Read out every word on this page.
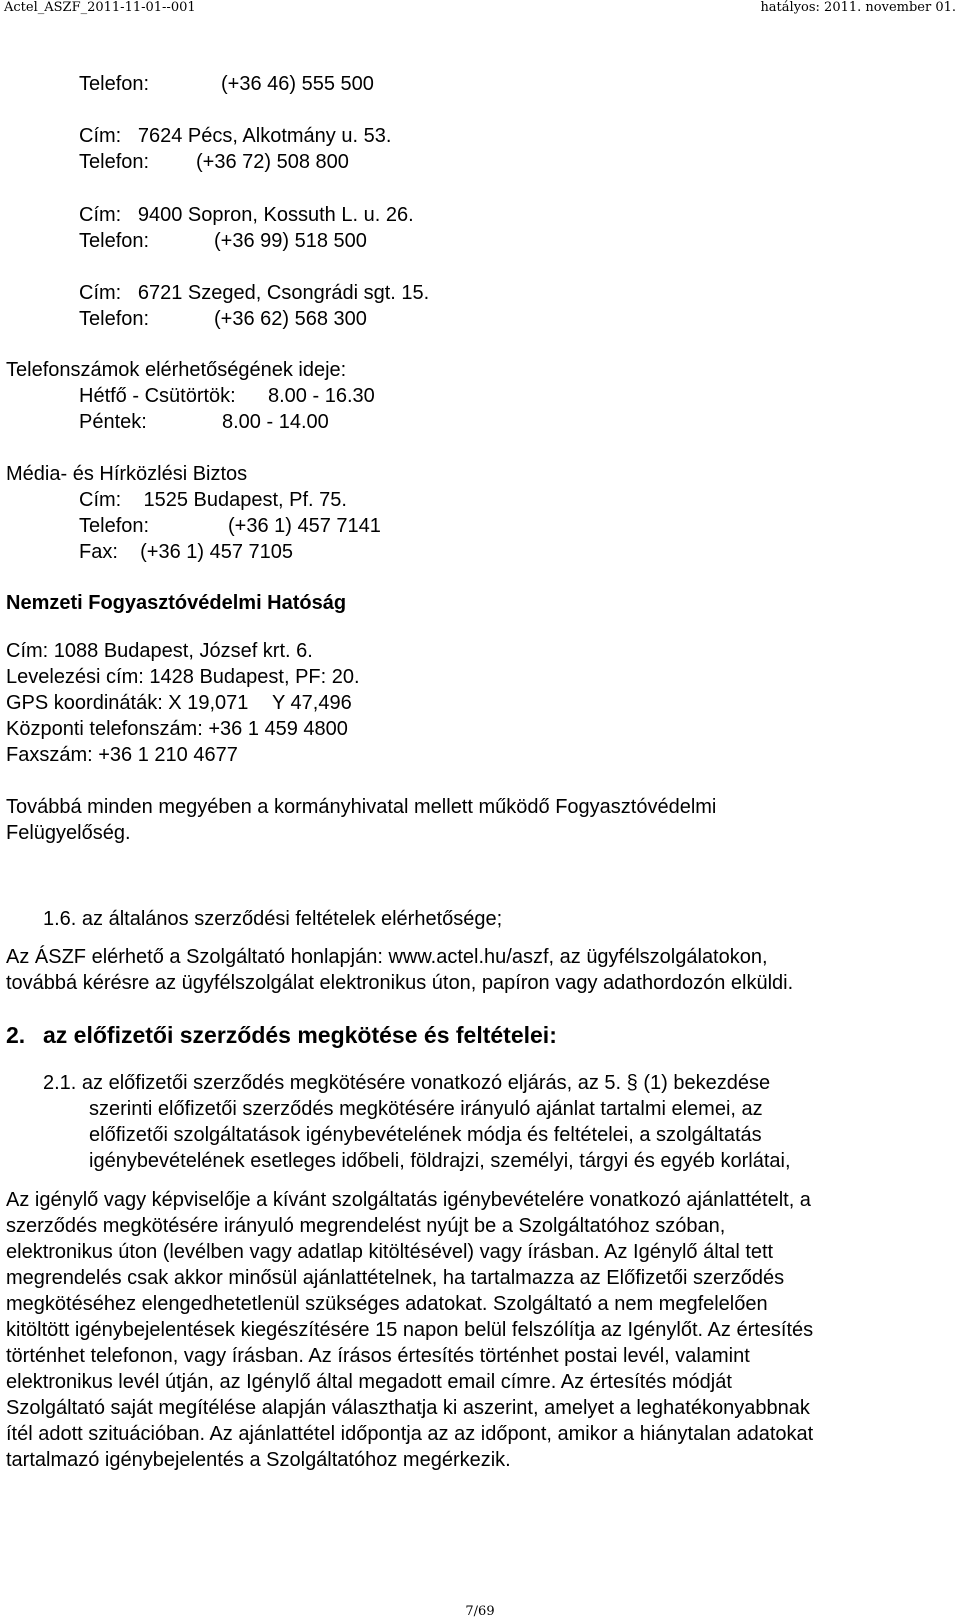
Actel_ASZF_2011-11-01--001	hatályos: 2011. november 01.
Telefon:	(+36 46) 555 500
Cím:   7624 Pécs, Alkotmány u. 53.
Telefon: (+36 72) 508 800
Cím:   9400 Sopron, Kossuth L. u. 26.
Telefon:	(+36 99) 518 500
Cím:   6721 Szeged, Csongrádi sgt. 15.
Telefon:	(+36 62) 568 300
Telefonszámok elérhetőségének ideje:
Hétfő - Csütörtök: 8.00 - 16.30
Péntek:	8.00 - 14.00
Média- és Hírközlési Biztos
Cím:    1525 Budapest, Pf. 75.
Telefon:	(+36 1) 457 7141
Fax:    (+36 1) 457 7105
Nemzeti Fogyasztóvédelmi Hatóság
Cím: 1088 Budapest, József krt. 6.
Levelezési cím: 1428 Budapest, PF: 20.
GPS koordináták: X 19,071 Y 47,496
Központi telefonszám: +36 1 459 4800
Faxszám: +36 1 210 4677
Továbbá minden megyében a kormányhivatal mellett működő Fogyasztóvédelmi
Felügyelőség.
1.6. az általános szerződési feltételek elérhetősége;
Az ÁSZF elérhető a Szolgáltató honlapján: www.actel.hu/aszf, az ügyfélszolgálatokon,
továbbá kérésre az ügyfélszolgálat elektronikus úton, papíron vagy adathordozón elküldi.
2. az előfizetői szerződés megkötése és feltételei:
2.1. az előfizetői szerződés megkötésére vonatkozó eljárás, az 5. § (1) bekezdése
szerinti előfizetői szerződés megkötésére irányuló ajánlat tartalmi elemei, az
előfizetői szolgáltatások igénybevételének módja és feltételei, a szolgáltatás
igénybevételének esetleges időbeli, földrajzi, személyi, tárgyi és egyéb korlátai,
Az igénylő vagy képviselője a kívánt szolgáltatás igénybevételére vonatkozó ajánlattételt, a
szerződés megkötésére irányuló megrendelést nyújt be a Szolgáltatóhoz szóban,
elektronikus úton (levélben vagy adatlap kitöltésével) vagy írásban. Az Igénylő által tett
megrendelés csak akkor minősül ajánlattételnek, ha tartalmazza az Előfizetői szerződés
megkötéséhez elengedhetetlenül szükséges adatokat. Szolgáltató a nem megfelelően
kitöltött igénybejelentések kiegészítésére 15 napon belül felszólítja az Igénylőt. Az értesítés
történhet telefonon, vagy írásban. Az írásos értesítés történhet postai levél, valamint
elektronikus levél útján, az Igénylő által megadott email címre. Az értesítés módját
Szolgáltató saját megítélése alapján választhatja ki aszerint, amelyet a leghatékonyabbnak
ítél adott szituációban. Az ajánlattétel időpontja az az időpont, amikor a hiánytalan adatokat
tartalmazó igénybejelentés a Szolgáltatóhoz megérkezik.
7/69
